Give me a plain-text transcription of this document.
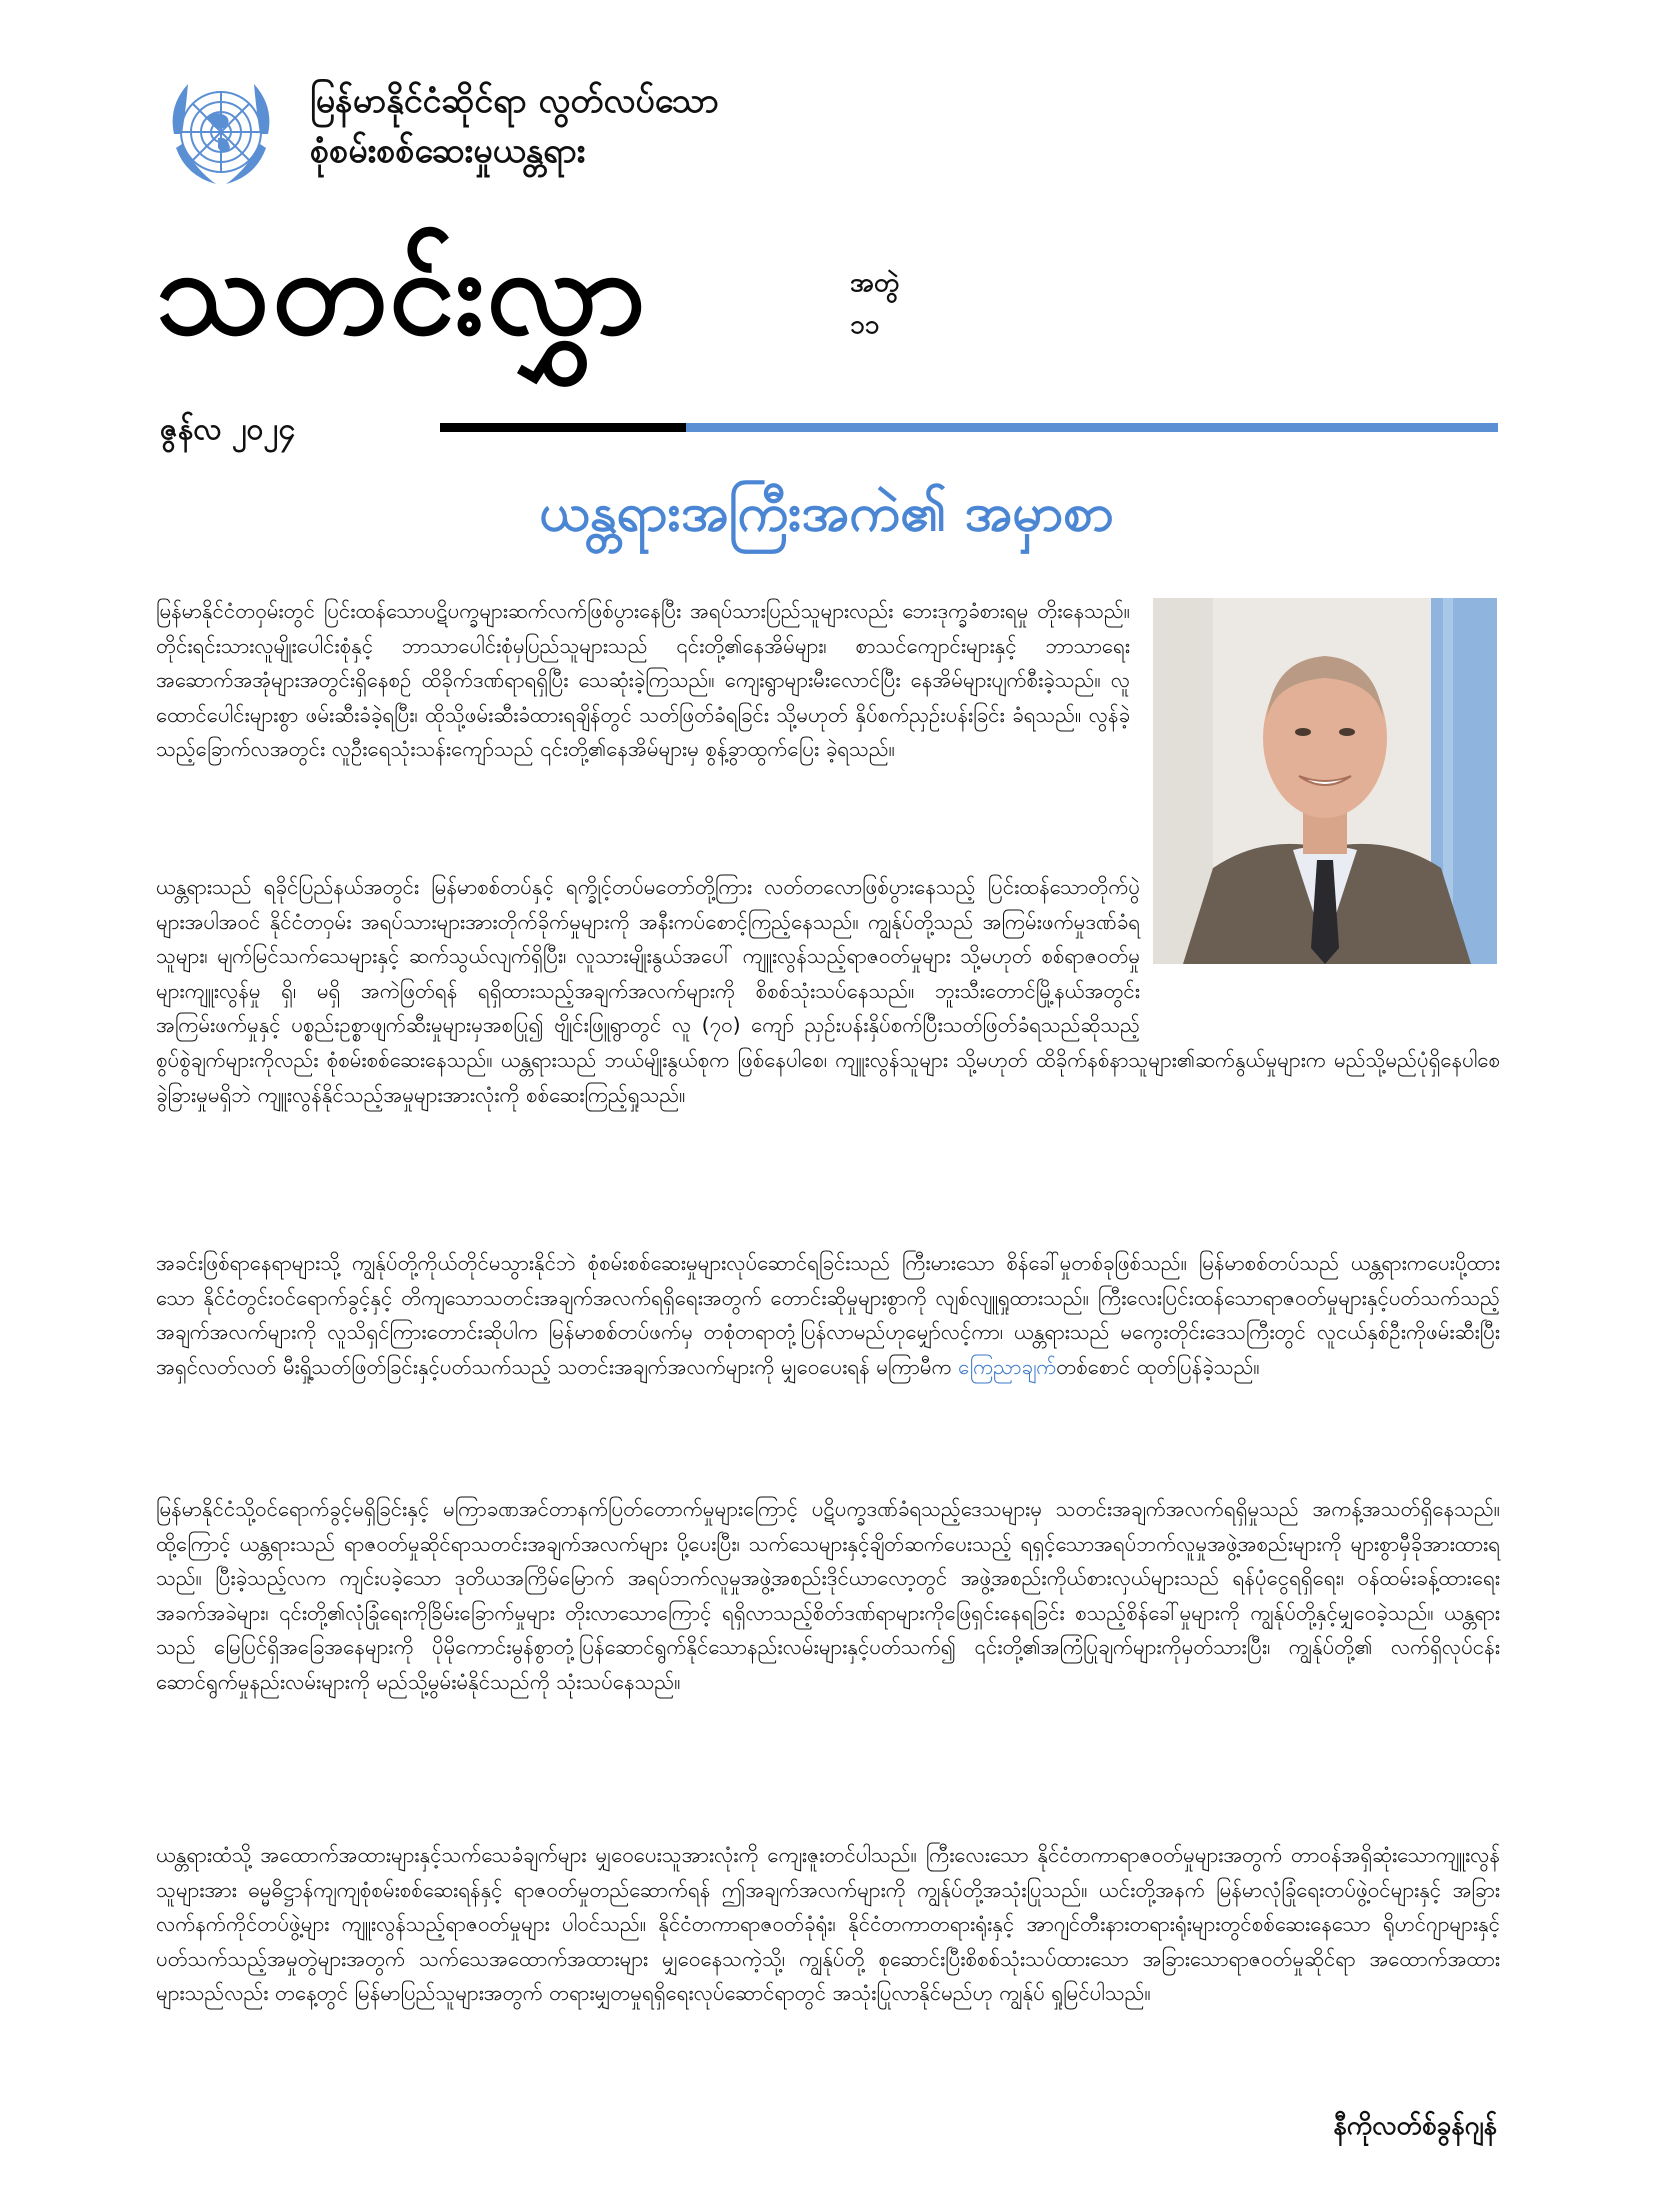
မြန်မာနိုင်ငံဆိုင်ရာ လွတ်လပ်သော
စုံစမ်းစစ်ဆေးမှုယန္တရား
သတင်းလွှာ	အတွဲ
၁၁
ဇွန်လ ၂၀၂၄
ယန္တရားအကြီးအကဲ၏ အမှာစာ

မြန်မာနိုင်ငံတဝှမ်းတွင် ပြင်းထန်သောပဋိပက္ခများဆက်လက်ဖြစ်ပွားနေပြီး အရပ်သားပြည်သူများလည်း ဘေးဒုက္ခခံစားရမှု တိုးနေသည်။ တိုင်းရင်းသားလူမျိုးပေါင်းစုံနှင့် ဘာသာပေါင်းစုံမှပြည်သူများသည် ၎င်းတို့၏နေအိမ်များ၊ စာသင်ကျောင်းများနှင့် ဘာသာရေးအဆောက်အအုံများအတွင်းရှိနေစဉ် ထိခိုက်ဒဏ်ရာရရှိပြီး သေဆုံးခဲ့ကြသည်။ ကျေးရွာများမီးလောင်ပြီး နေအိမ်များပျက်စီးခဲ့သည်။ လူထောင်ပေါင်းများစွာ ဖမ်းဆီးခံခဲ့ရပြီး၊ ထိုသို့ဖမ်းဆီးခံထားရချိန်တွင် သတ်ဖြတ်ခံရခြင်း သို့မဟုတ် နှိပ်စက်ညှဉ်းပန်းခြင်း ခံရသည်။ လွန်ခဲ့သည့်ခြောက်လအတွင်း လူဦးရေသုံးသန်းကျော်သည် ၎င်းတို့၏နေအိမ်များမှ စွန့်ခွာထွက်ပြေး ခဲ့ရသည်။

ယန္တရားသည် ရခိုင်ပြည်နယ်အတွင်း မြန်မာစစ်တပ်နှင့် ရက္ခိုင့်တပ်မတော်တို့ကြား လတ်တလောဖြစ်ပွားနေသည့် ပြင်းထန်သောတိုက်ပွဲများအပါအဝင် နိုင်ငံတဝှမ်း အရပ်သားများအားတိုက်ခိုက်မှုများကို အနီးကပ်စောင့်ကြည့်နေသည်။ ကျွန်ုပ်တို့သည် အကြမ်းဖက်မှုဒဏ်ခံရသူများ၊ မျက်မြင်သက်သေများနှင့် ဆက်သွယ်လျက်ရှိပြီး၊ လူသားမျိုးနွယ်အပေါ် ကျူးလွန်သည့်ရာဇဝတ်မှုများ သို့မဟုတ် စစ်ရာဇဝတ်မှုများကျူးလွန်မှု ရှိ၊ မရှိ အကဲဖြတ်ရန် ရရှိထားသည့်အချက်အလက်များကို စိစစ်သုံးသပ်နေသည်။ ဘူးသီးတောင်မြို့နယ်အတွင်း အကြမ်းဖက်မှုနှင့် ပစ္စည်းဥစ္စာဖျက်ဆီးမှုများမှအစပြု၍ ဗျိုင်းဖြူရွာတွင် လူ (၇၀) ကျော် ညှဉ်းပန်းနှိပ်စက်ပြီးသတ်ဖြတ်ခံရသည်ဆိုသည့် စွပ်စွဲချက်များကိုလည်း စုံစမ်းစစ်ဆေးနေသည်။ ယန္တရားသည် ဘယ်မျိုးနွယ်စုက ဖြစ်နေပါစေ၊ ကျူးလွန်သူများ သို့မဟုတ် ထိခိုက်နစ်နာသူများ၏ဆက်နွယ်မှုများက မည်သို့မည်ပုံရှိနေပါစေ ခွဲခြားမှုမရှိဘဲ ကျူးလွန်နိုင်သည့်အမှုများအားလုံးကို စစ်ဆေးကြည့်ရှုသည်။

အခင်းဖြစ်ရာနေရာများသို့ ကျွန်ုပ်တို့ကိုယ်တိုင်မသွားနိုင်ဘဲ စုံစမ်းစစ်ဆေးမှုများလုပ်ဆောင်ရခြင်းသည် ကြီးမားသော စိန်ခေါ်မှုတစ်ခုဖြစ်သည်။ မြန်မာစစ်တပ်သည် ယန္တရားကပေးပို့ထားသော နိုင်ငံတွင်းဝင်ရောက်ခွင့်နှင့် တိကျသောသတင်းအချက်အလက်ရရှိရေးအတွက် တောင်းဆိုမှုများစွာကို လျစ်လျူရှုထားသည်။ ကြီးလေးပြင်းထန်သောရာဇဝတ်မှုများနှင့်ပတ်သက်သည့် အချက်အလက်များကို လူသိရှင်ကြား‌တောင်းဆိုပါက မြန်မာစစ်တပ်ဖက်မှ တစုံတရာတုံ့ပြန်လာမည်ဟုမျှော်လင့်ကာ၊ ယန္တရားသည် မကွေးတိုင်းဒေသကြီးတွင် လူငယ်နှစ်ဦးကိုဖမ်းဆီးပြီး အရှင်လတ်လတ် မီးရှို့သတ်ဖြတ်ခြင်းနှင့်ပတ်သက်သည့် သတင်းအချက်အလက်များကို မျှဝေပေးရန် မကြာမီက ကြေညာချက်တစ်စောင် ထုတ်ပြန်ခဲ့သည်။

မြန်မာနိုင်ငံသို့ဝင်ရောက်ခွင့်မရှိခြင်းနှင့် မကြာခဏအင်တာနက်ပြတ်တောက်မှုများကြောင့် ပဋိပက္ခဒဏ်ခံရသည့်ဒေသများမှ သတင်းအချက်အလက်ရရှိမှုသည် အကန့်အသတ်ရှိနေသည်။ ထို့ကြောင့် ယန္တရားသည် ရာဇဝတ်မှုဆိုင်ရာသတင်းအချက်အလက်များ ပို့ပေးပြီး၊ သက်သေများနှင့်ချိတ်ဆက်ပေးသည့် ရရှင့်သောအရပ်ဘက်လူမှုအဖွဲ့အစည်းများကို များစွာမှီခိုအားထားရသည်။ ပြီးခဲ့သည့်လက ကျင်းပခဲ့သော ဒုတိယအကြိမ်မြောက် အရပ်ဘက်လူမှုအဖွဲ့အစည်းဒိုင်ယာလော့တွင် အဖွဲ့အစည်းကိုယ်စားလှယ်များသည် ရန်ပုံငွေရရှိရေး၊ ဝန်ထမ်းခန့်ထားရေးအခက်အခဲများ၊ ၎င်းတို့၏လုံခြုံရေးကိုခြိမ်းခြောက်မှုများ တိုးလာသောကြောင့် ရရှိလာသည့်စိတ်ဒဏ်ရာများကိုဖြေရှင်းနေရခြင်း စသည့်စိန်ခေါ်မှုများကို ကျွန်ုပ်တို့နှင့်မျှဝေခဲ့သည်။ ယန္တရားသည် မြေပြင်ရှိအခြေအနေများကို ပိုမိုကောင်းမွန်စွာတုံ့ပြန်ဆောင်ရွက်နိုင်သောနည်းလမ်းများနှင့်ပတ်သက်၍ ၎င်းတို့၏အကြံပြုချက်များကိုမှတ်သားပြီး၊ ကျွန်ုပ်တို့၏ လက်ရှိလုပ်ငန်းဆောင်ရွက်မှုနည်းလမ်းများကို မည်သို့မွမ်းမံနိုင်သည်ကို သုံးသပ်နေသည်။

ယန္တရားထံသို့ အထောက်အထားများနှင့်သက်သေခံချက်များ မျှဝေပေးသူအားလုံးကို ကျေးဇူးတင်ပါသည်။ ကြီးလေးသော နိုင်ငံတကာရာဇဝတ်မှုများအတွက် တာဝန်အရှိဆုံးသောကျူးလွန်သူများအား ဓမ္မဓိဋ္ဌာန်ကျကျစုံစမ်းစစ်ဆေးရန်နှင့် ရာဇဝတ်မှုတည်ဆောက်ရန် ဤအချက်အလက်များကို ကျွန်ုပ်တို့အသုံးပြုသည်။ ယင်းတို့အနက် မြန်မာလုံခြုံရေးတပ်ဖွဲ့ဝင်များနှင့် အခြားလက်နက်ကိုင်တပ်ဖွဲ့များ ကျူးလွန်သည့်ရာဇဝတ်မှုများ ပါဝင်သည်။ နိုင်ငံတကာရာဇဝတ်ခုံရုံး၊ နိုင်ငံတကာတရားရုံးနှင့် အာဂျင်တီးနားတရားရုံးများတွင်စစ်ဆေးနေသော ရိုဟင်ဂျာများနှင့်ပတ်သက်သည့်အမှုတွဲများအတွက် သက်သေအထောက်အထားများ မျှဝေနေသကဲ့သို့၊ ကျွန်ုပ်တို့ စုဆောင်းပြီးစိစစ်သုံးသပ်ထားသော အခြားသောရာဇဝတ်မှုဆိုင်ရာ အထောက်အထားများသည်လည်း တနေ့တွင် မြန်မာပြည်သူများအတွက် တရားမျှတမှုရရှိရေးလုပ်ဆောင်ရာတွင် အသုံးပြုလာနိုင်မည်ဟု ကျွန်ုပ် ရှုမြင်ပါသည်။

နီကိုလတ်စ်ခွန်ဂျန်
